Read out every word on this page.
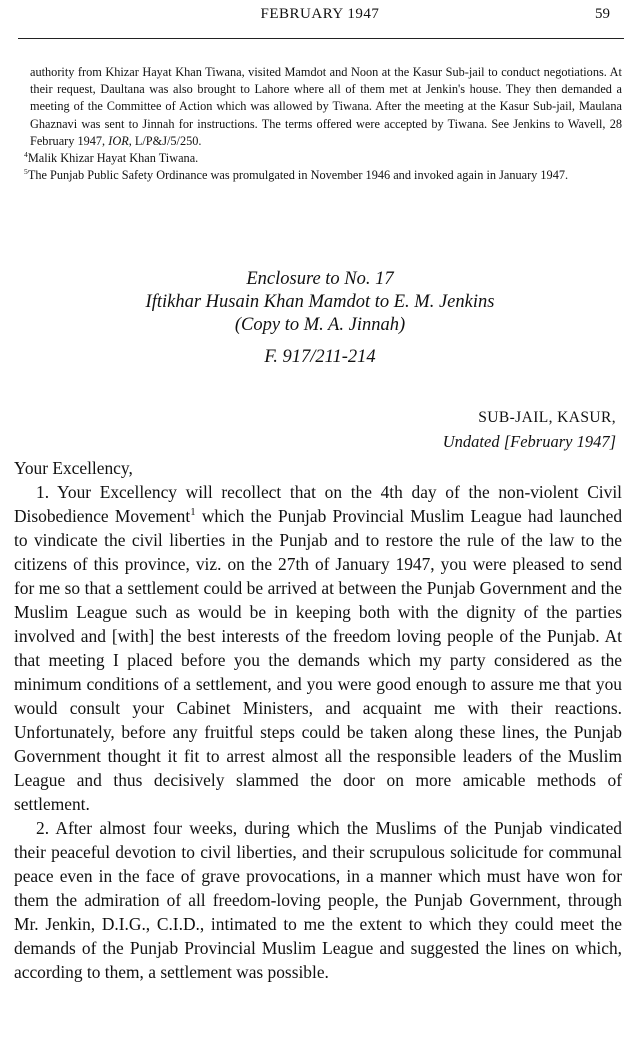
FEBRUARY 1947	59

authority from Khizar Hayat Khan Tiwana, visited Mamdot and Noon at the Kasur Sub-jail to conduct negotiations. At their request, Daultana was also brought to Lahore where all of them met at Jenkin's house. They then demanded a meeting of the Committee of Action which was allowed by Tiwana. After the meeting at the Kasur Sub-jail, Maulana Ghaznavi was sent to Jinnah for instructions. The terms offered were accepted by Tiwana. See Jenkins to Wavell, 28 February 1947, IOR, L/P&J/5/250.

$^4$Malik Khizar Hayat Khan Tiwana.

$^5$The Punjab Public Safety Ordinance was promulgated in November 1946 and invoked again in January 1947.

Enclosure to No. 17
Iftikhar Husain Khan Mamdot to E. M. Jenkins
(Copy to M. A. Jinnah)
F. 917/211-214
SUB-JAIL, KASUR,
Undated [February 1947]

Your Excellency,

1. Your Excellency will recollect that on the 4th day of the non-violent Civil Disobedience Movement$^1$ which the Punjab Provincial Muslim League had launched to vindicate the civil liberties in the Punjab and to restore the rule of the law to the citizens of this province, viz. on the 27th of January 1947, you were pleased to send for me so that a settlement could be arrived at between the Punjab Government and the Muslim League such as would be in keeping both with the dignity of the parties involved and [with] the best interests of the freedom loving people of the Punjab. At that meeting I placed before you the demands which my party considered as the minimum conditions of a settlement, and you were good enough to assure me that you would consult your Cabinet Ministers, and acquaint me with their reactions. Unfortunately, before any fruitful steps could be taken along these lines, the Punjab Government thought it fit to arrest almost all the responsible leaders of the Muslim League and thus decisively slammed the door on more amicable methods of settlement.

2. After almost four weeks, during which the Muslims of the Punjab vindicated their peaceful devotion to civil liberties, and their scrupulous solicitude for communal peace even in the face of grave provocations, in a manner which must have won for them the admiration of all freedom-loving people, the Punjab Government, through Mr. Jenkin, D.I.G., C.I.D., intimated to me the extent to which they could meet the demands of the Punjab Provincial Muslim League and suggested the lines on which, according to them, a settlement was possible.
